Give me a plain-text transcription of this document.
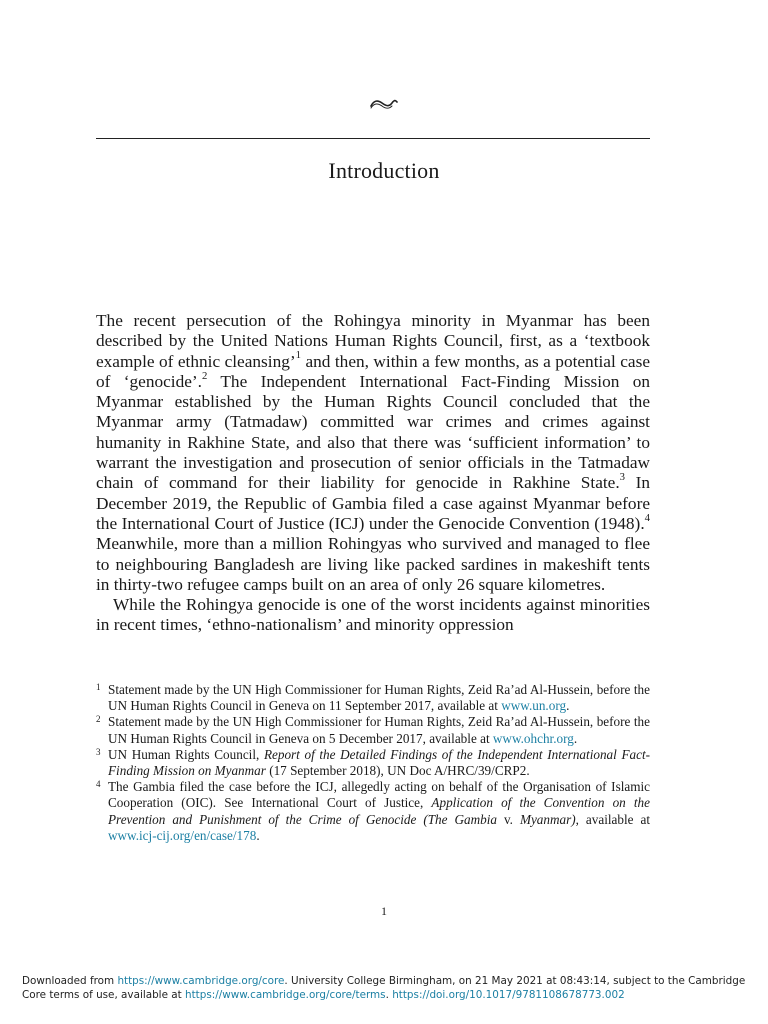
Introduction

The recent persecution of the Rohingya minority in Myanmar has been described by the United Nations Human Rights Council, first, as a ‘textbook example of ethnic cleansing’$^1$ and then, within a few months, as a potential case of ‘genocide’.$^2$ The Independent International Fact-Finding Mission on Myanmar established by the Human Rights Council concluded that the Myanmar army (Tatmadaw) committed war crimes and crimes against humanity in Rakhine State, and also that there was ‘sufficient information’ to warrant the investigation and prosecution of senior officials in the Tatmadaw chain of command for their liability for genocide in Rakhine State.$^3$ In December 2019, the Republic of Gambia filed a case against Myanmar before the International Court of Justice (ICJ) under the Genocide Convention (1948).$^4$ Meanwhile, more than a million Rohingyas who survived and managed to flee to neighbouring Bangladesh are living like packed sardines in makeshift tents in thirty-two refugee camps built on an area of only 26 square kilometres.

While the Rohingya genocide is one of the worst incidents against minorities in recent times, ‘ethno-nationalism’ and minority oppression

1 Statement made by the UN High Commissioner for Human Rights, Zeid Ra’ad Al-Hussein, before the UN Human Rights Council in Geneva on 11 September 2017, available at www.un.org.
2 Statement made by the UN High Commissioner for Human Rights, Zeid Ra’ad Al-Hussein, before the UN Human Rights Council in Geneva on 5 December 2017, available at www.ohchr.org.
3 UN Human Rights Council, Report of the Detailed Findings of the Independent International Fact-Finding Mission on Myanmar (17 September 2018), UN Doc A/HRC/39/CRP2.
4 The Gambia filed the case before the ICJ, allegedly acting on behalf of the Organisation of Islamic Cooperation (OIC). See International Court of Justice, Application of the Convention on the Prevention and Punishment of the Crime of Genocide (The Gambia v. Myanmar), available at www.icj-cij.org/en/case/178.
1
Downloaded from https://www.cambridge.org/core. University College Birmingham, on 21 May 2021 at 08:43:14, subject to the Cambridge Core terms of use, available at https://www.cambridge.org/core/terms. https://doi.org/10.1017/9781108678773.002
